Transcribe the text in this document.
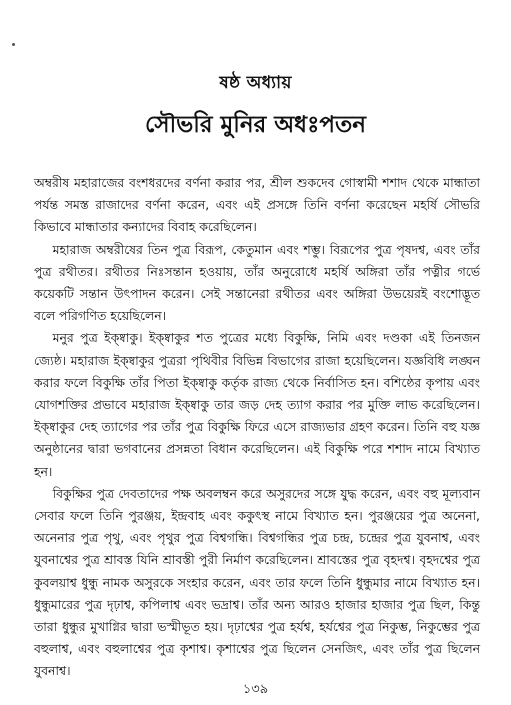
ষষ্ঠ অধ্যায়
সৌভরি মুনির অধঃপতন

অম্বরীষ মহারাজের বংশধরদের বর্ণনা করার পর, শ্রীল শুকদেব গোস্বামী শশাদ থেকে মান্ধাতা পর্যন্ত সমস্ত রাজাদের বর্ণনা করেন, এবং এই প্রসঙ্গে তিনি বর্ণনা করেছেন মহর্ষি সৌভরি কিভাবে মান্ধাতার কন্যাদের বিবাহ করেছিলেন।

মহারাজ অম্বরীষের তিন পুত্র বিরূপ, কেতুমান এবং শম্ভু। বিরূপের পুত্র পৃষদশ্ব, এবং তাঁর পুত্র রথীতর। রথীতর নিঃসন্তান হওয়ায়, তাঁর অনুরোধে মহর্ষি অঙ্গিরা তাঁর পত্নীর গর্ভে কয়েকটি সন্তান উৎপাদন করেন। সেই সন্তানেরা রথীতর এবং অঙ্গিরা উভয়েরই বংশোদ্ভূত বলে পরিগণিত হয়েছিলেন।

মনুর পুত্র ইক্ষ্বাকু। ইক্ষ্বাকুর শত পুত্রের মধ্যে বিকুক্ষি, নিমি এবং দণ্ডকা এই তিনজন জ্যেষ্ঠ। মহারাজ ইক্ষ্বাকুর পুত্ররা পৃথিবীর বিভিন্ন বিভাগের রাজা হয়েছিলেন। যজ্ঞবিধি লঙ্ঘন করার ফলে বিকুক্ষি তাঁর পিতা ইক্ষ্বাকু কর্তৃক রাজ্য থেকে নির্বাসিত হন। বশিষ্ঠের কৃপায় এবং যোগশক্তির প্রভাবে মহারাজ ইক্ষ্বাকু তার জড় দেহ ত্যাগ করার পর মুক্তি লাভ করেছিলেন। ইক্ষ্বাকুর দেহ ত্যাগের পর তাঁর পুত্র বিকুক্ষি ফিরে এসে রাজ্যভার গ্রহণ করেন। তিনি বহু যজ্ঞ অনুষ্ঠানের দ্বারা ভগবানের প্রসন্নতা বিধান করেছিলেন। এই বিকুক্ষি পরে শশাদ নামে বিখ্যাত হন।

বিকুক্ষির পুত্র দেবতাদের পক্ষ অবলম্বন করে অসুরদের সঙ্গে যুদ্ধ করেন, এবং বহু মূল্যবান সেবার ফলে তিনি পুরঞ্জয়, ইন্দ্রবাহ এবং ককুৎস্থ নামে বিখ্যাত হন। পুরঞ্জয়ের পুত্র অনেনা, অনেনার পুত্র পৃথু, এবং পৃথুর পুত্র বিশ্বগন্ধি। বিশ্বগন্ধির পুত্র চন্দ্র, চন্দ্রের পুত্র যুবনাশ্ব, এবং যুবনাশ্বের পুত্র শ্রাবস্ত যিনি শ্রাবস্তী পুরী নির্মাণ করেছিলেন। শ্রাবস্তের পুত্র বৃহদশ্ব। বৃহদশ্বের পুত্র কুবলয়াশ্ব ধুন্ধু নামক অসুরকে সংহার করেন, এবং তার ফলে তিনি ধুন্ধুমার নামে বিখ্যাত হন। ধুন্ধুমারের পুত্র দৃঢ়াশ্ব, কপিলাশ্ব এবং ভদ্রাশ্ব। তাঁর অন্য আরও হাজার হাজার পুত্র ছিল, কিন্তু তারা ধুন্ধুর মুখাগ্নির দ্বারা ভস্মীভূত হয়। দৃঢ়াশ্বের পুত্র হর্যশ্ব, হর্যশ্বের পুত্র নিকুম্ভ, নিকুম্ভের পুত্র বহুলাশ্ব, এবং বহুলাশ্বের পুত্র কৃশাশ্ব। কৃশাশ্বের পুত্র ছিলেন সেনজিৎ, এবং তাঁর পুত্র ছিলেন যুবনাশ্ব।

১৩৯
